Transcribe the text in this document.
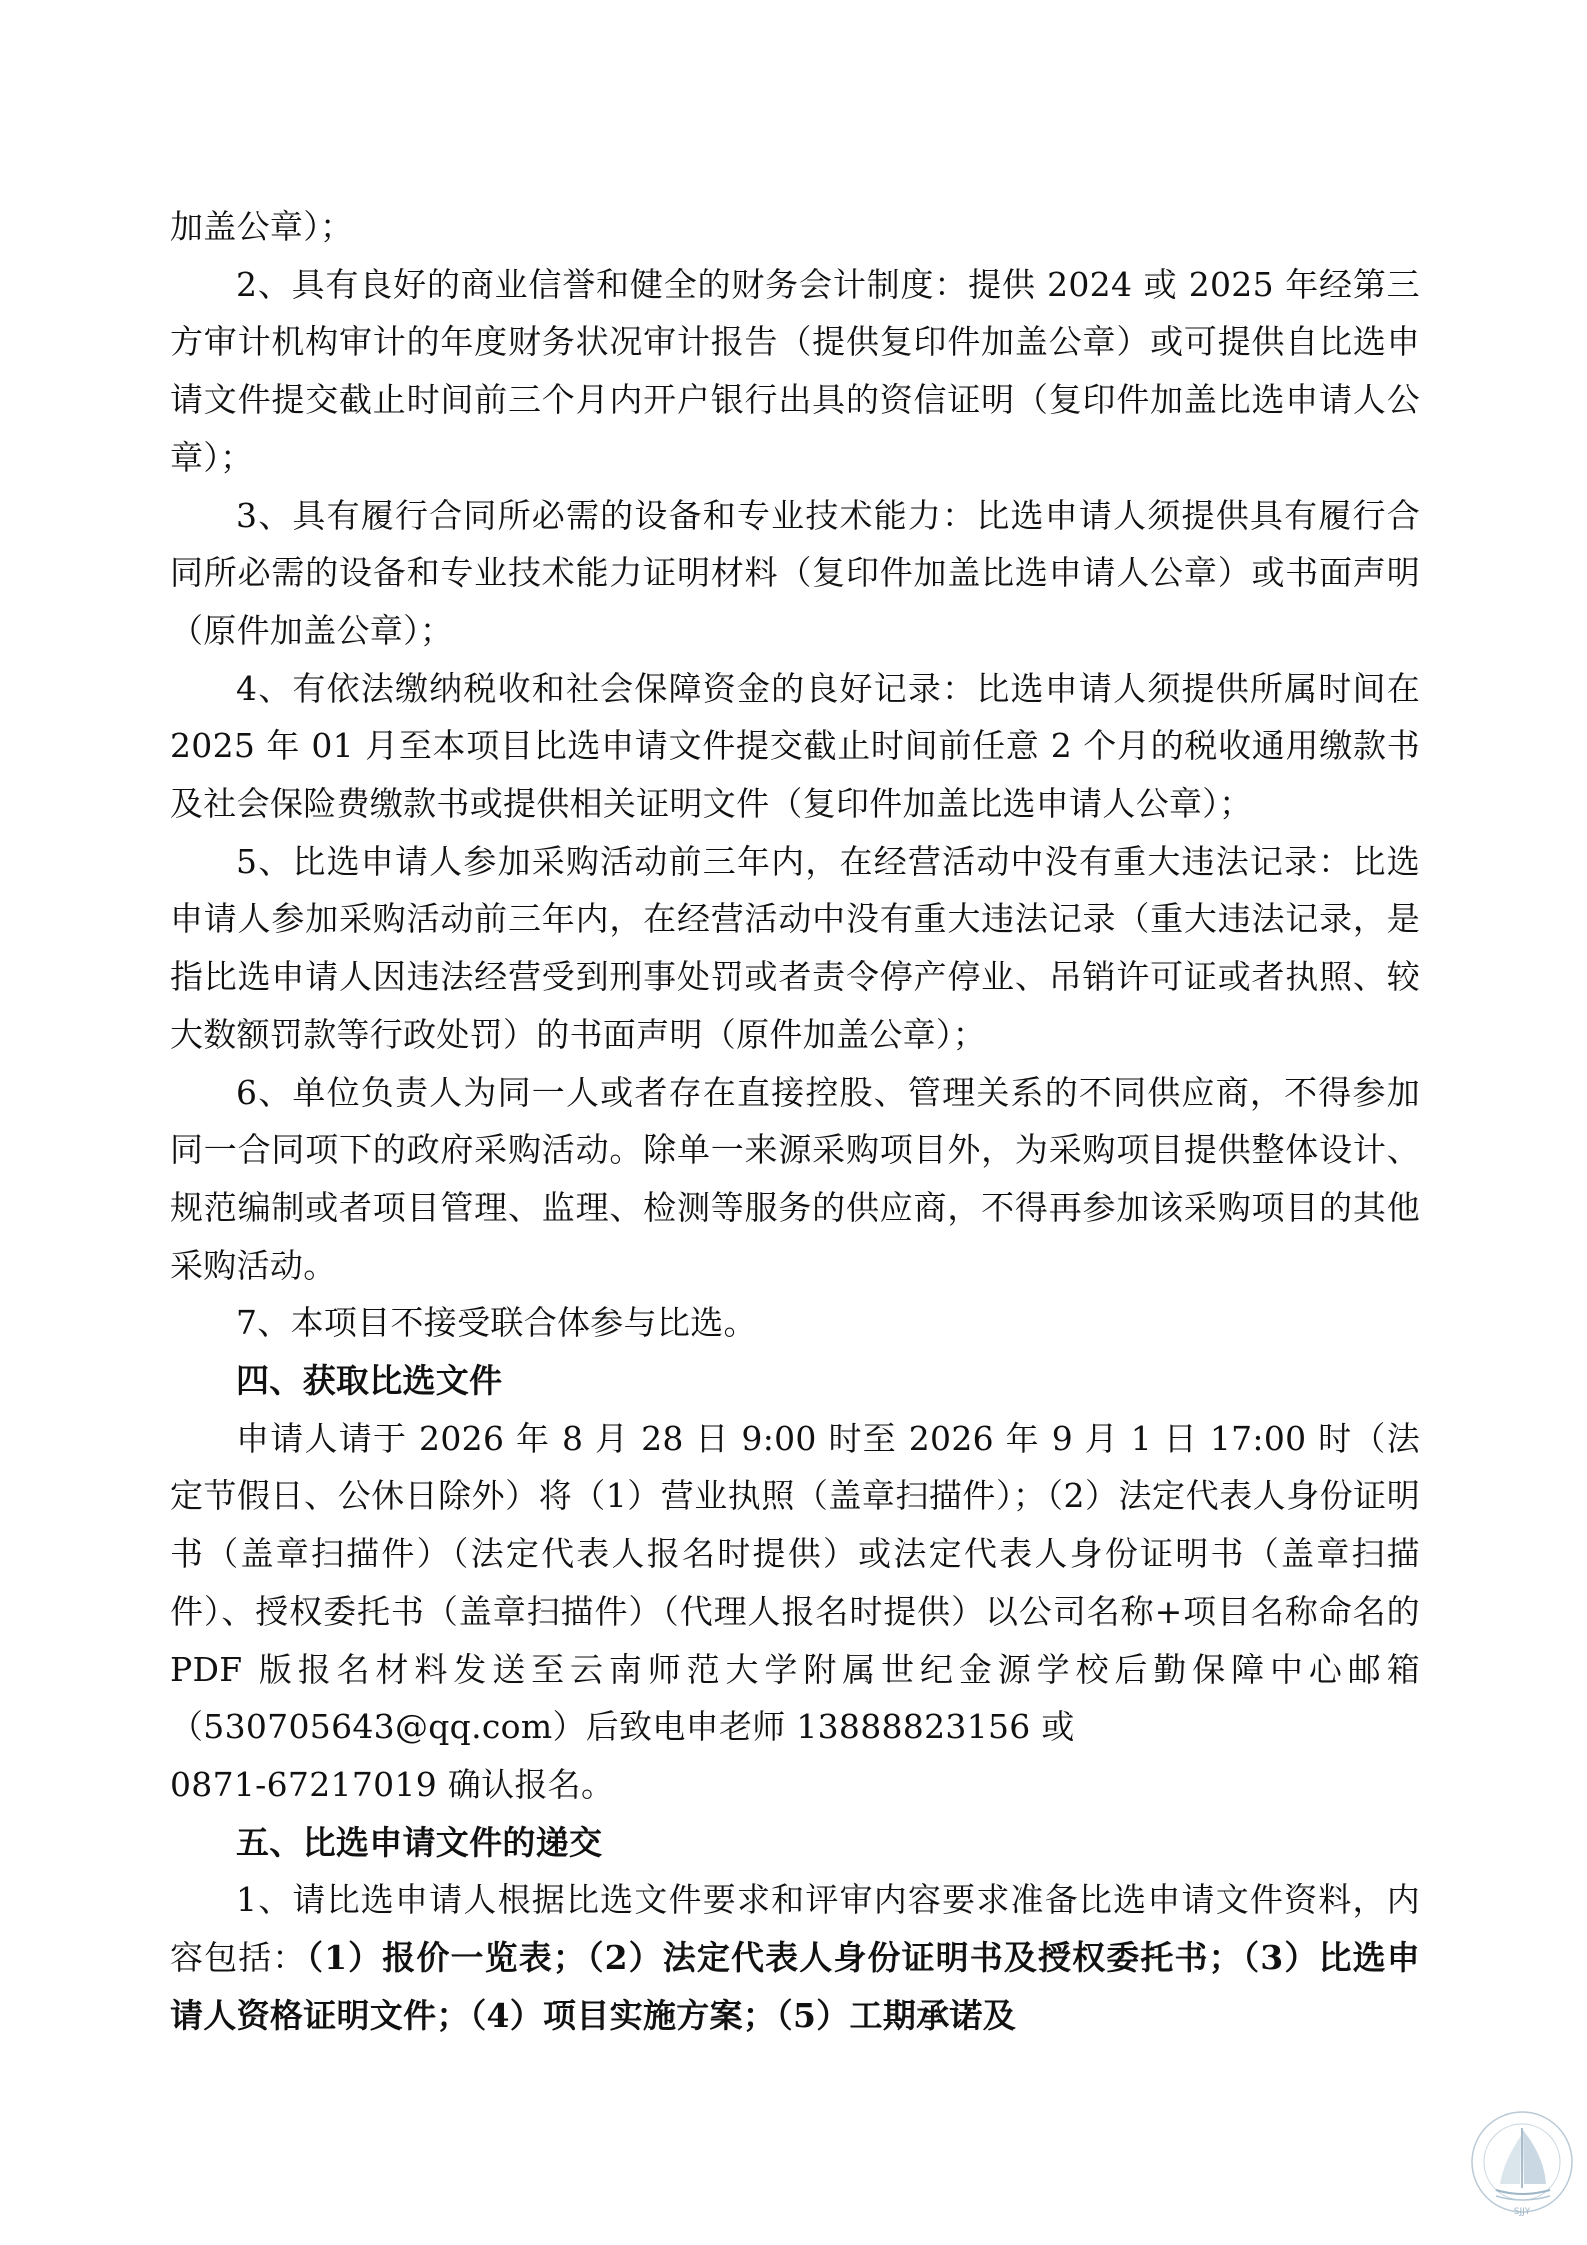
加盖公章）；

2、具有良好的商业信誉和健全的财务会计制度：提供 2024 或 2025 年经第三方审计机构审计的年度财务状况审计报告（提供复印件加盖公章）或可提供自比选申请文件提交截止时间前三个月内开户银行出具的资信证明（复印件加盖比选申请人公章）；

3、具有履行合同所必需的设备和专业技术能力：比选申请人须提供具有履行合同所必需的设备和专业技术能力证明材料（复印件加盖比选申请人公章）或书面声明（原件加盖公章）；

4、有依法缴纳税收和社会保障资金的良好记录：比选申请人须提供所属时间在 2025 年 01 月至本项目比选申请文件提交截止时间前任意 2 个月的税收通用缴款书及社会保险费缴款书或提供相关证明文件（复印件加盖比选申请人公章）；

5、比选申请人参加采购活动前三年内，在经营活动中没有重大违法记录：比选申请人参加采购活动前三年内，在经营活动中没有重大违法记录（重大违法记录，是指比选申请人因违法经营受到刑事处罚或者责令停产停业、吊销许可证或者执照、较大数额罚款等行政处罚）的书面声明（原件加盖公章）；

6、单位负责人为同一人或者存在直接控股、管理关系的不同供应商，不得参加同一合同项下的政府采购活动。除单一来源采购项目外，为采购项目提供整体设计、规范编制或者项目管理、监理、检测等服务的供应商，不得再参加该采购项目的其他采购活动。

7、本项目不接受联合体参与比选。

四、获取比选文件

申请人请于 2026 年 8 月 28 日 9:00 时至 2026 年 9 月 1 日 17:00 时（法定节假日、公休日除外）将（1）营业执照（盖章扫描件）；（2）法定代表人身份证明书（盖章扫描件）（法定代表人报名时提供）或法定代表人身份证明书（盖章扫描件）、授权委托书（盖章扫描件）（代理人报名时提供）以公司名称+项目名称命名的 PDF 版报名材料发送至云南师范大学附属世纪金源学校后勤保障中心邮箱（530705643@qq.com）后致电申老师 13888823156 或

0871-67217019 确认报名。

五、比选申请文件的递交

1、请比选申请人根据比选文件要求和评审内容要求准备比选申请文件资料，内容包括：（1）报价一览表；（2）法定代表人身份证明书及授权委托书；（3）比选申请人资格证明文件；（4）项目实施方案；（5）工期承诺及

SJJY
